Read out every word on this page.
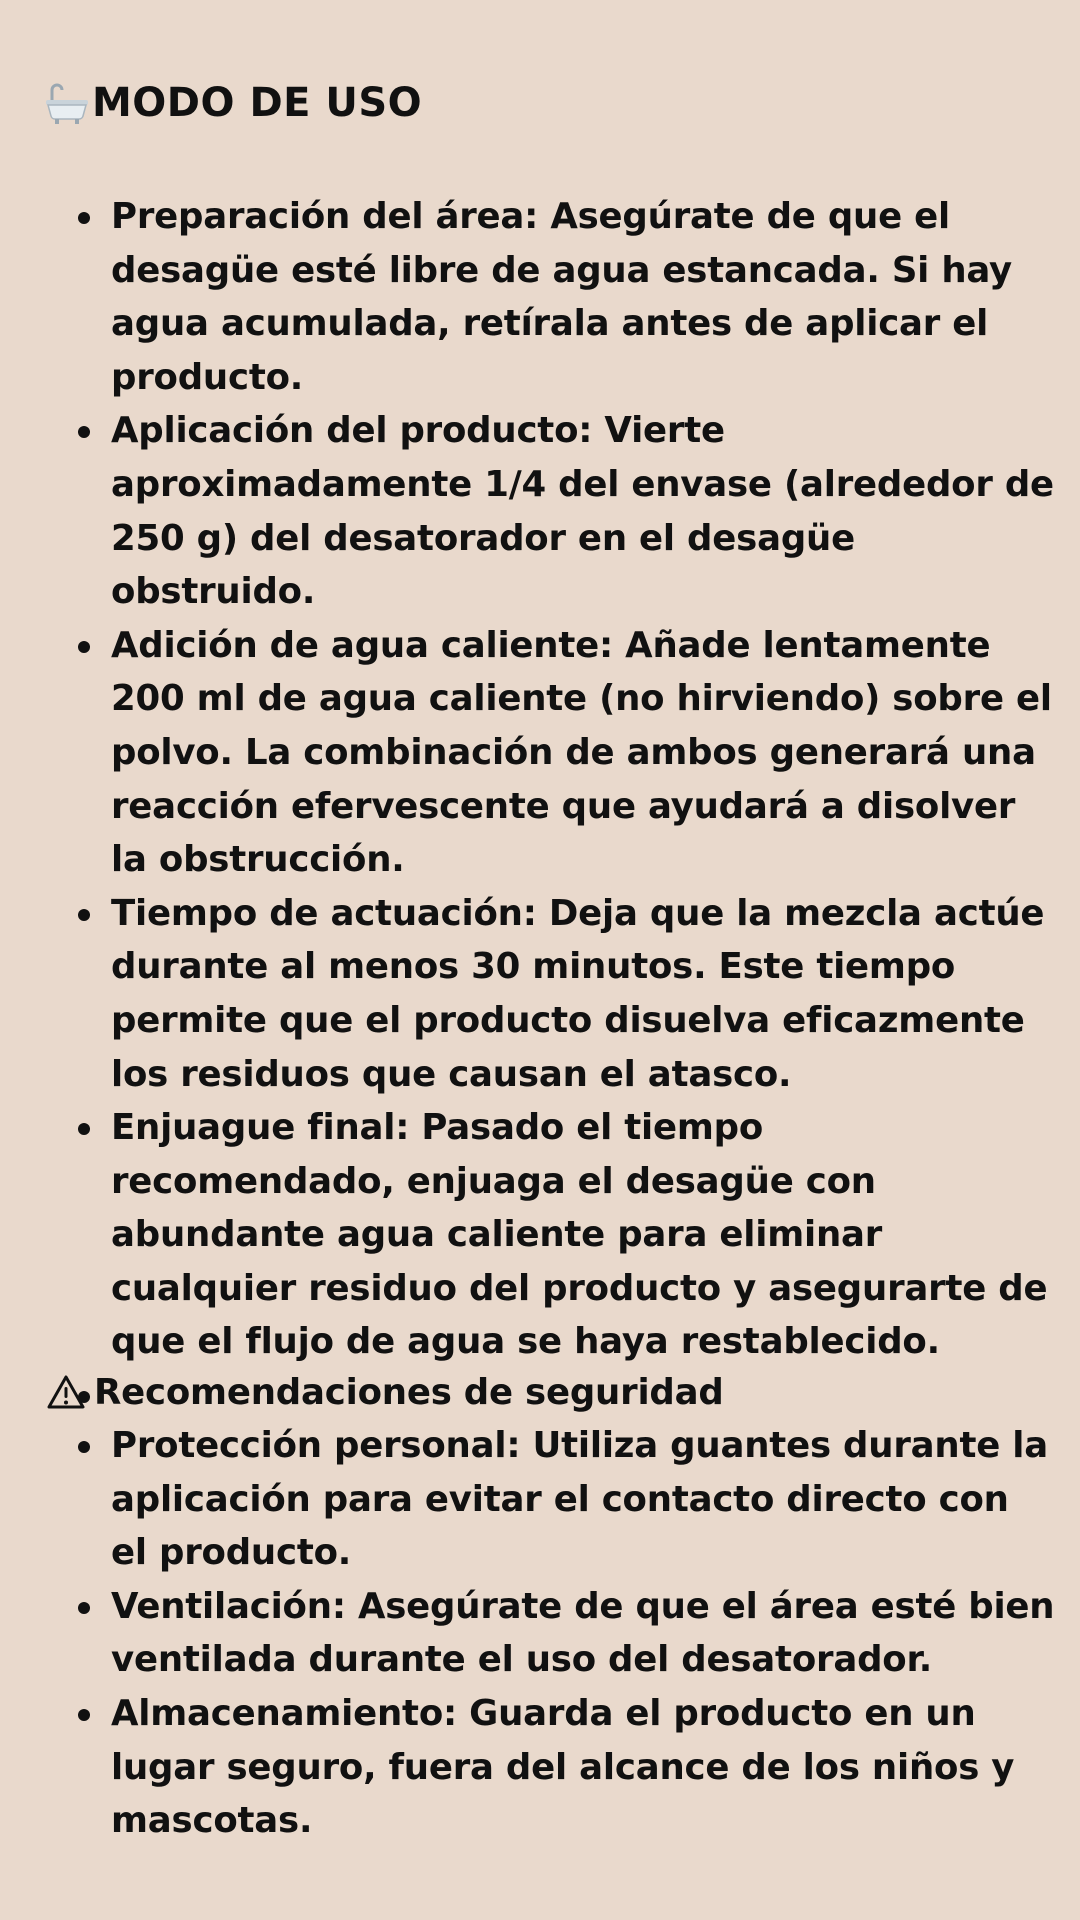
MODO DE USO
Preparación del área: Asegúrate de que el desagüe esté libre de agua estancada. Si hay agua acumulada, retírala antes de aplicar el producto.
Aplicación del producto: Vierte aproximadamente 1/4 del envase (alrededor de 250 g) del desatorador en el desagüe obstruido.
Adición de agua caliente: Añade lentamente 200 ml de agua caliente (no hirviendo) sobre el polvo. La combinación de ambos generará una reacción efervescente que ayudará a disolver la obstrucción.
Tiempo de actuación: Deja que la mezcla actúe durante al menos 30 minutos. Este tiempo permite que el producto disuelva eficazmente los residuos que causan el atasco.
Enjuague final: Pasado el tiempo recomendado, enjuaga el desagüe con abundante agua caliente para eliminar cualquier residuo del producto y asegurarte de que el flujo de agua se haya restablecido.
Recomendaciones de seguridad
Protección personal: Utiliza guantes durante la aplicación para evitar el contacto directo con el producto.
Ventilación: Asegúrate de que el área esté bien ventilada durante el uso del desatorador.
Almacenamiento: Guarda el producto en un lugar seguro, fuera del alcance de los niños y mascotas.
